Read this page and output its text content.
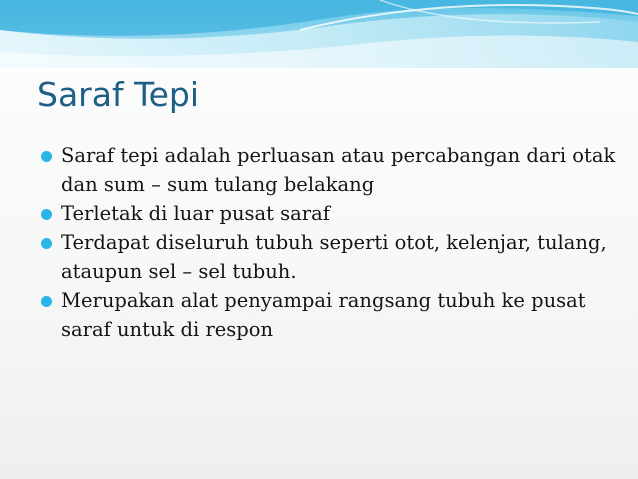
Saraf Tepi
Saraf tepi adalah perluasan atau percabangan dari otak dan sum – sum tulang belakang
Terletak di luar pusat saraf
Terdapat diseluruh tubuh seperti otot, kelenjar, tulang, ataupun sel – sel tubuh.
Merupakan alat penyampai rangsang tubuh ke pusat saraf untuk di respon
